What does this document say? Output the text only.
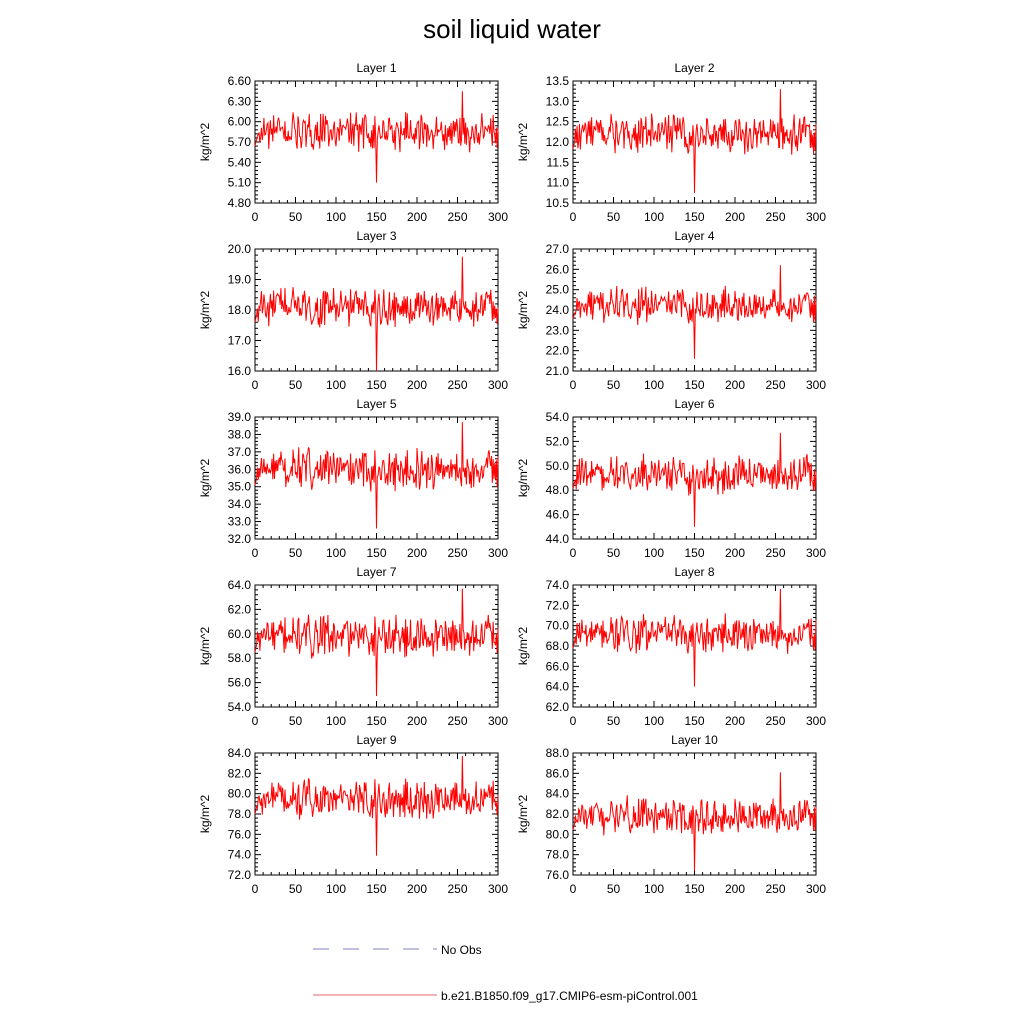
soil liquid water
Layer 1
4.80
5.10
5.40
5.70
6.00
6.30
6.60
0	50 100 150 200 250 300
kg/m^2
Layer 2
10.5
11.0
11.5
12.0
12.5
13.0
13.5
0	50 100 150 200 250 300
kg/m^2
Layer 3
16.0
17.0
18.0
19.0
20.0
0	50 100 150 200 250 300
kg/m^2
Layer 4
21.0
22.0
23.0
24.0
25.0
26.0
27.0
0	50 100 150 200 250 300
kg/m^2
Layer 5
32.0
33.0
34.0
35.0
36.0
37.0
38.0
39.0
0	50 100 150 200 250 300
kg/m^2
Layer 6
44.0
46.0
48.0
50.0
52.0
54.0
0	50 100 150 200 250 300
kg/m^2
Layer 7
54.0
56.0
58.0
60.0
62.0
64.0
0	50 100 150 200 250 300
kg/m^2
Layer 8
62.0
64.0
66.0
68.0
70.0
72.0
74.0
0	50 100 150 200 250 300
kg/m^2
Layer 9
72.0
74.0
76.0
78.0
80.0
82.0
84.0
0	50 100 150 200 250 300
kg/m^2
Layer 10
76.0
78.0
80.0
82.0
84.0
86.0
88.0
0	50 100 150 200 250 300
kg/m^2
No Obs
b.e21.B1850.f09_g17.CMIP6-esm-piControl.001
